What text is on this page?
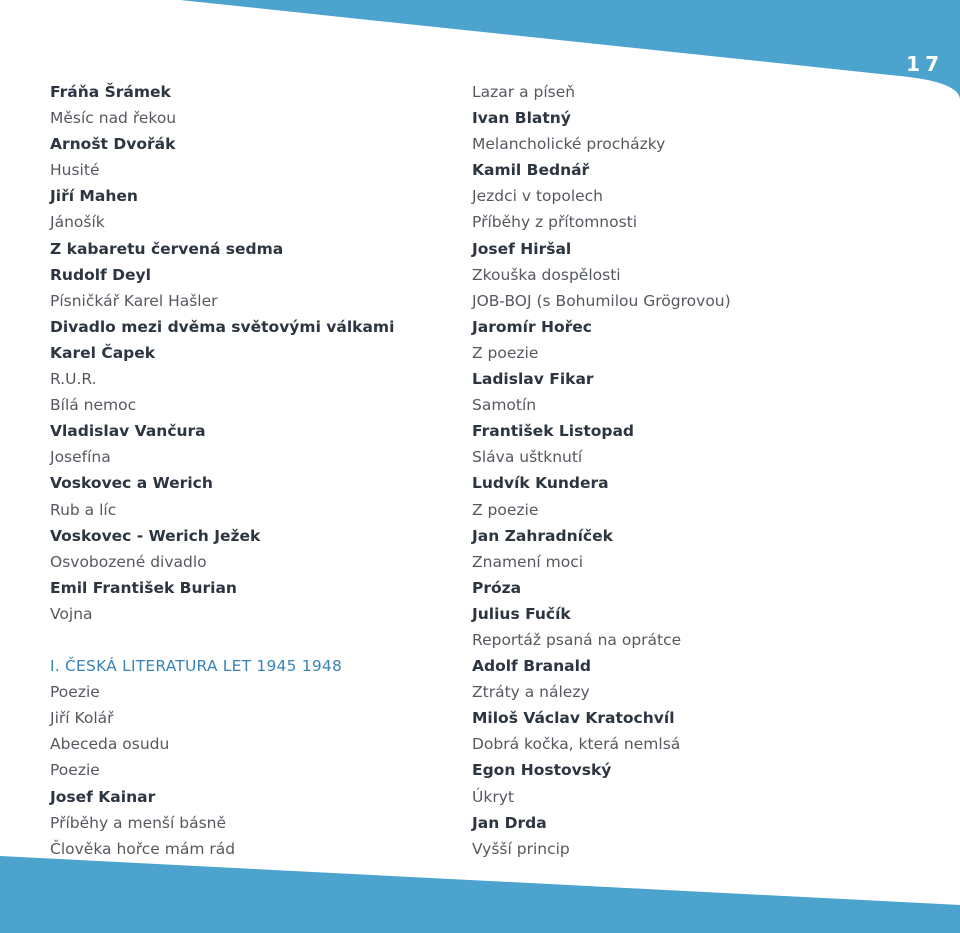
17
Fráňa Šrámek
Měsíc nad řekou
Arnošt Dvořák
Husité
Jiří Mahen
Jánošík
Z kabaretu červená sedma
Rudolf Deyl
Písničkář Karel Hašler
Divadlo mezi dvěma světovými válkami
Karel Čapek
R.U.R.
Bílá nemoc
Vladislav Vančura
Josefína
Voskovec a Werich
Rub a líc
Voskovec - Werich Ježek
Osvobozené divadlo
Emil František Burian
Vojna
I. ČESKÁ LITERATURA LET 1945 1948
Poezie
Jiří Kolář
Abeceda osudu
Poezie
Josef Kainar
Příběhy a menší básně
Člověka hořce mám rád
Lazar a píseň
Ivan Blatný
Melancholické procházky
Kamil Bednář
Jezdci v topolech
Příběhy z přítomnosti
Josef Hiršal
Zkouška dospělosti
JOB-BOJ (s Bohumilou Grögrovou)
Jaromír Hořec
Z poezie
Ladislav Fikar
Samotín
František Listopad
Sláva uštknutí
Ludvík Kundera
Z poezie
Jan Zahradníček
Znamení moci
Próza
Julius Fučík
Reportáž psaná na oprátce
Adolf Branald
Ztráty a nálezy
Miloš Václav Kratochvíl
Dobrá kočka, která nemlsá
Egon Hostovský
Úkryt
Jan Drda
Vyšší princip
